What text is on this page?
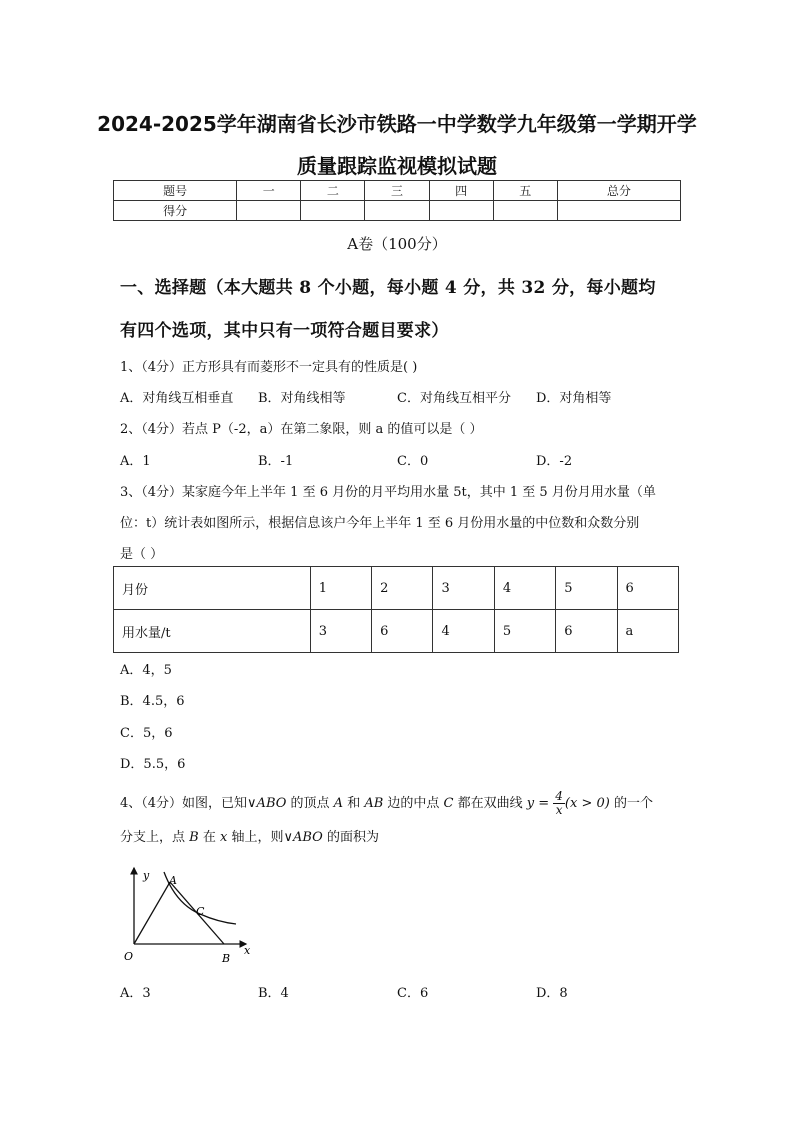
2024-2025学年湖南省长沙市铁路一中学数学九年级第一学期开学
质量跟踪监视模拟试题
题号	一	二	三	四	五	总分
得分						
A卷（100分）
一、选择题（本大题共 8 个小题，每小题 4 分，共 32 分，每小题均
有四个选项，其中只有一项符合题目要求）
1、（4分）正方形具有而菱形不一定具有的性质是( )
A．对角线互相垂直 B．对角线相等	C．对角线互相平分 D．对角相等
2、（4分）若点 P（-2，a）在第二象限，则 a 的值可以是（ ）
A．1	B．-1	C．0	D．-2
3、（4分）某家庭今年上半年 1 至 6 月份的月平均用水量 5t，其中 1 至 5 月份月用水量（单
位：t）统计表如图所示，根据信息该户今年上半年 1 至 6 月份用水量的中位数和众数分别
是（ ）
月份	1	2	3	4	5	6
用水量/t	3	6	4	5	6	a
A．4，5
B．4.5，6
C．5，6
D．5.5，6
4、（4分）如图，已知∨ABO 的顶点 A 和 AB 边的中点 C 都在双曲线 $y = \frac{4}{x} (x > 0)$ 的一个
分支上，点 B 在 x 轴上，则∨ABO 的面积为
y
x
O
A
B
C
A．3	B．4	C．6	D．8
